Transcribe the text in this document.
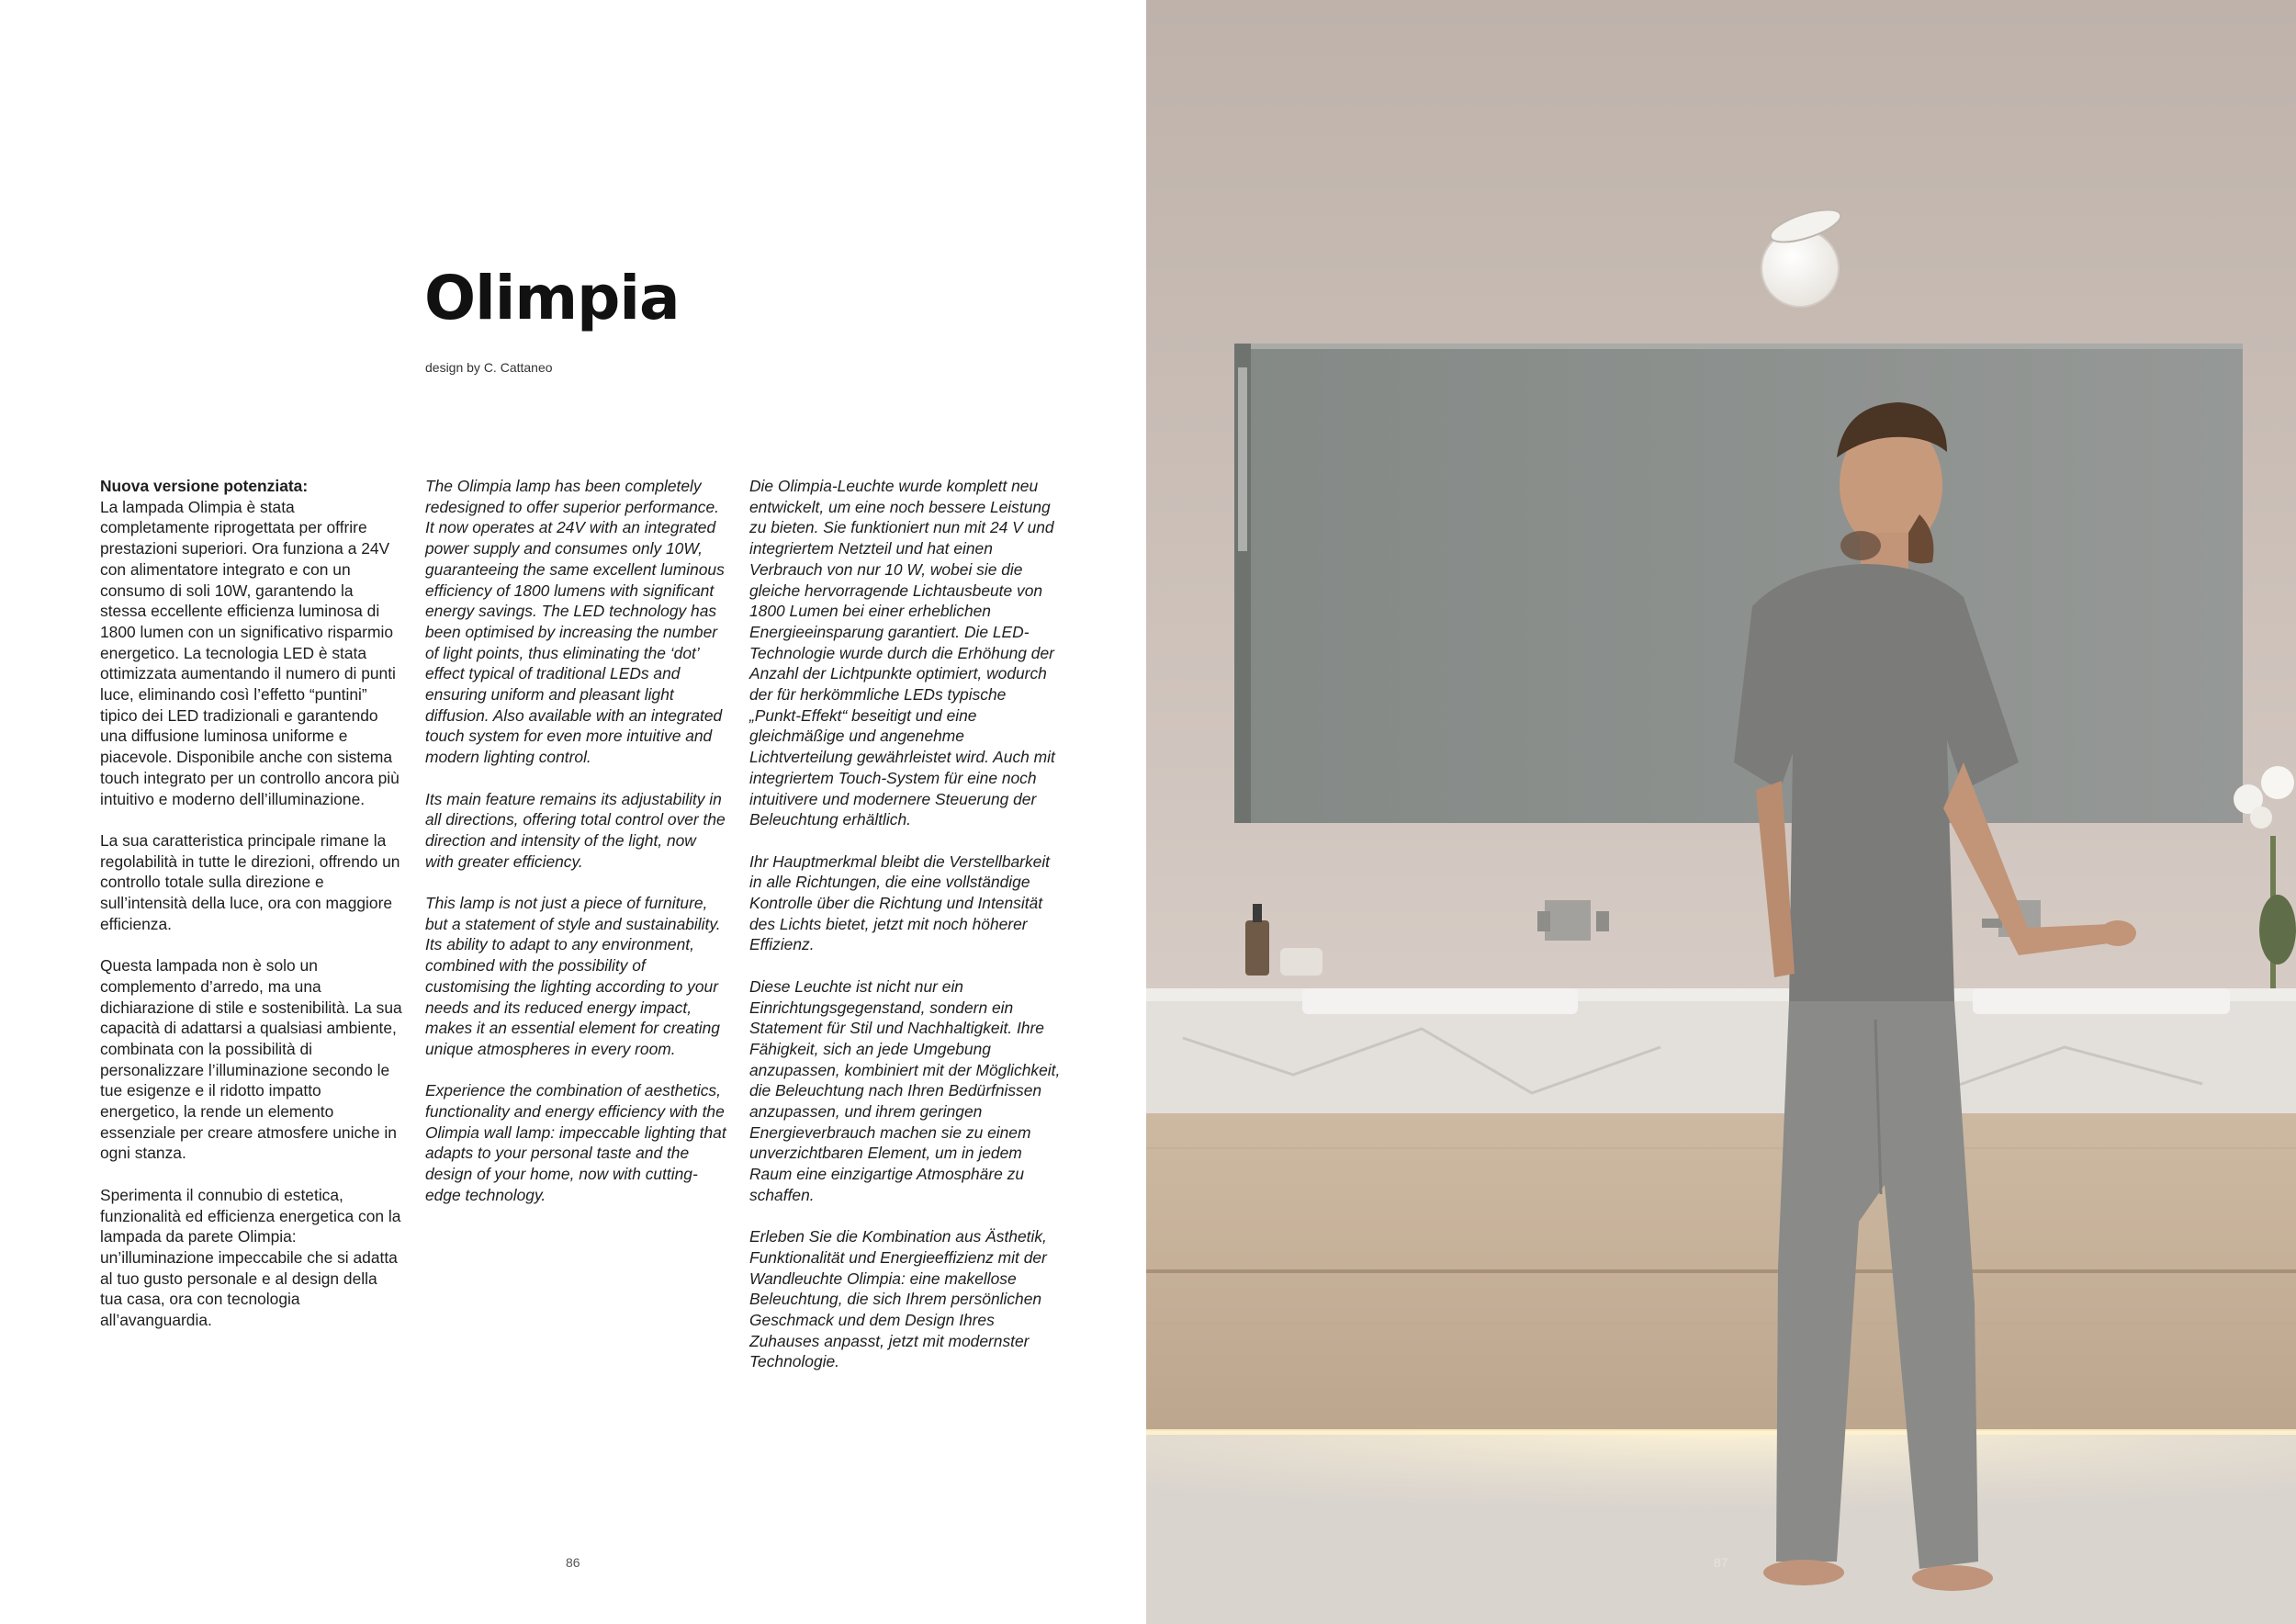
Olimpia

design by C. Cattaneo

Nuova versione potenziata:
La lampada Olimpia è stata completamente riprogettata per offrire prestazioni superiori. Ora funziona a 24V con alimentatore integrato e con un consumo di soli 10W, garantendo la stessa eccellente efficienza luminosa di 1800 lumen con un significativo risparmio energetico. La tecnologia LED è stata ottimizzata aumentando il numero di punti luce, eliminando così l’effetto “puntini” tipico dei LED tradizionali e garantendo una diffusione luminosa uniforme e piacevole. Disponibile anche con sistema touch integrato per un controllo ancora più intuitivo e moderno dell’illuminazione.

La sua caratteristica principale rimane la regolabilità in tutte le direzioni, offrendo un controllo totale sulla direzione e sull’intensità della luce, ora con maggiore efficienza.

Questa lampada non è solo un complemento d’arredo, ma una dichiarazione di stile e sostenibilità. La sua capacità di adattarsi a qualsiasi ambiente, combinata con la possibilità di personalizzare l’illuminazione secondo le tue esigenze e il ridotto impatto energetico, la rende un elemento essenziale per creare atmosfere uniche in ogni stanza.

Sperimenta il connubio di estetica, funzionalità ed efficienza energetica con la lampada da parete Olimpia: un’illuminazione impeccabile che si adatta al tuo gusto personale e al design della tua casa, ora con tecnologia all’avanguardia.

The Olimpia lamp has been completely redesigned to offer superior performance. It now operates at 24V with an integrated power supply and consumes only 10W, guaranteeing the same excellent luminous efficiency of 1800 lumens with significant energy savings. The LED technology has been optimised by increasing the number of light points, thus eliminating the ‘dot’ effect typical of traditional LEDs and ensuring uniform and pleasant light diffusion. Also available with an integrated touch system for even more intuitive and modern lighting control.

Its main feature remains its adjustability in all directions, offering total control over the direction and intensity of the light, now with greater efficiency.

This lamp is not just a piece of furniture, but a statement of style and sustainability. Its ability to adapt to any environment, combined with the possibility of customising the lighting according to your needs and its reduced energy impact, makes it an essential element for creating unique atmospheres in every room.

Experience the combination of aesthetics, functionality and energy efficiency with the Olimpia wall lamp: impeccable lighting that adapts to your personal taste and the design of your home, now with cutting-edge technology.

Die Olimpia-Leuchte wurde komplett neu entwickelt, um eine noch bessere Leistung zu bieten. Sie funktioniert nun mit 24 V und integriertem Netzteil und hat einen Verbrauch von nur 10 W, wobei sie die gleiche hervorragende Lichtausbeute von 1800 Lumen bei einer erheblichen Energieeinsparung garantiert. Die LED-Technologie wurde durch die Erhöhung der Anzahl der Lichtpunkte optimiert, wodurch der für herkömmliche LEDs typische „Punkt-Effekt“ beseitigt und eine gleichmäßige und angenehme Lichtverteilung gewährleistet wird. Auch mit integriertem Touch-System für eine noch intuitivere und modernere Steuerung der Beleuchtung erhältlich.

Ihr Hauptmerkmal bleibt die Verstellbarkeit in alle Richtungen, die eine vollständige Kontrolle über die Richtung und Intensität des Lichts bietet, jetzt mit noch höherer Effizienz.

Diese Leuchte ist nicht nur ein Einrichtungsgegenstand, sondern ein Statement für Stil und Nachhaltigkeit. Ihre Fähigkeit, sich an jede Umgebung anzupassen, kombiniert mit der Möglichkeit, die Beleuchtung nach Ihren Bedürfnissen anzupassen, und ihrem geringen Energieverbrauch machen sie zu einem unverzichtbaren Element, um in jedem Raum eine einzigartige Atmosphäre zu schaffen.

Erleben Sie die Kombination aus Ästhetik, Funktionalität und Energieeffizienz mit der Wandleuchte Olimpia: eine makellose Beleuchtung, die sich Ihrem persönlichen Geschmack und dem Design Ihres Zuhauses anpasst, jetzt mit modernster Technologie.

86	87
